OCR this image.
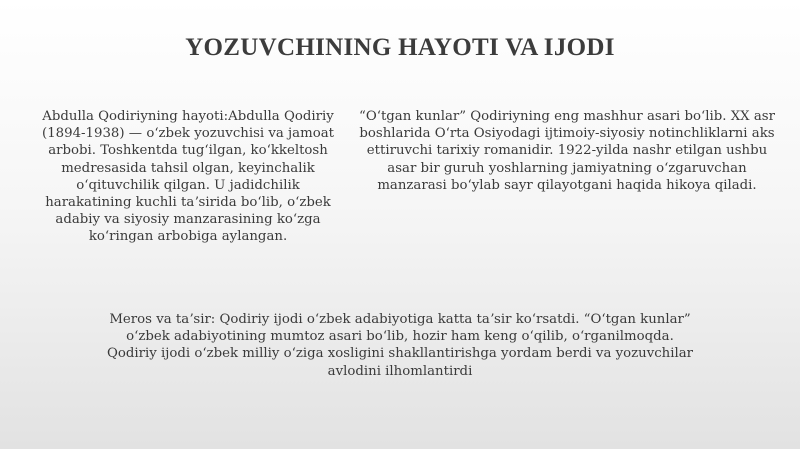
YOZUVCHINING HAYOTI VA IJODI

Abdulla Qodiriyning hayoti:Abdulla Qodiriy (1894-1938) — oʻzbek yozuvchisi va jamoat arbobi. Toshkentda tugʻilgan, koʻkkeltosh medresasida tahsil olgan, keyinchalik oʻqituvchilik qilgan. U jadidchilik harakatining kuchli taʼsirida boʻlib, oʻzbek adabiy va siyosiy manzarasining koʻzga koʻringan arbobiga aylangan.

“Oʻtgan kunlar” Qodiriyning eng mashhur asari boʻlib. XX asr boshlarida Oʻrta Osiyodagi ijtimoiy-siyosiy notinchliklarni aks ettiruvchi tarixiy romanidir. 1922-yilda nashr etilgan ushbu asar bir guruh yoshlarning jamiyatning oʻzgaruvchan manzarasi boʻylab sayr qilayotgani haqida hikoya qiladi.

Meros va taʼsir: Qodiriy ijodi oʻzbek adabiyotiga katta taʼsir koʻrsatdi. “Oʻtgan kunlar” oʻzbek adabiyotining mumtoz asari boʻlib, hozir ham keng oʻqilib, oʻrganilmoqda. Qodiriy ijodi oʻzbek milliy oʻziga xosligini shakllantirishga yordam berdi va yozuvchilar avlodini ilhomlantirdi
